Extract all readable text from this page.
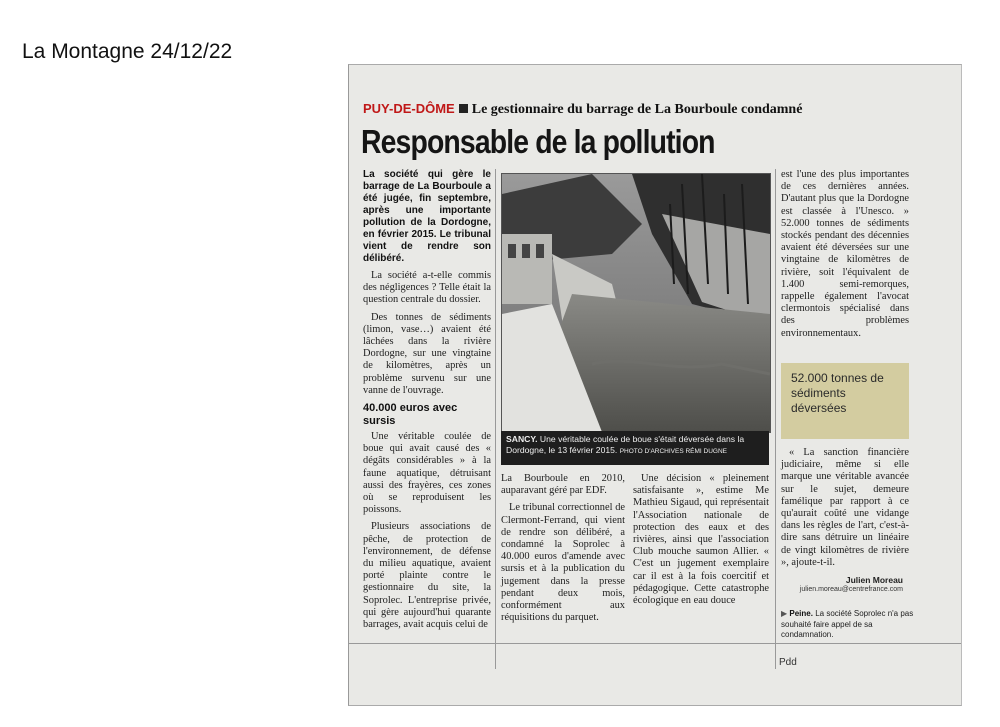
La Montagne 24/12/22
PUY-DE-DÔME Le gestionnaire du barrage de La Bourboule condamné
Responsable de la pollution

La société qui gère le barrage de La Bourboule a été jugée, fin septembre, après une importante pollution de la Dordogne, en février 2015. Le tribunal vient de rendre son délibéré.

La société a-t-elle commis des négligences ? Telle était la question centrale du dossier.

Des tonnes de sédiments (limon, vase…) avaient été lâchées dans la rivière Dordogne, sur une vingtaine de kilomètres, après un problème survenu sur une vanne de l'ouvrage.

40.000 euros avec sursis

Une véritable coulée de boue qui avait causé des « dégâts considérables » à la faune aquatique, détruisant aussi des frayères, ces zones où se reproduisent les poissons.

Plusieurs associations de pêche, de protection de l'environnement, de défense du milieu aquatique, avaient porté plainte contre le gestionnaire du site, la Soprolec. L'entreprise privée, qui gère aujourd'hui quarante barrages, avait acquis celui de

SANCY. Une véritable coulée de boue s'était déversée dans la Dordogne, le 13 février 2015. PHOTO D'ARCHIVES RÉMI DUGNE

La Bourboule en 2010, auparavant géré par EDF.

Le tribunal correctionnel de Clermont-Ferrand, qui vient de rendre son délibéré, a condamné la Soprolec à 40.000 euros d'amende avec sursis et à la publication du jugement dans la presse pendant deux mois, conformément aux réquisitions du parquet.

Une décision « pleinement satisfaisante », estime Me Mathieu Sigaud, qui représentait l'Association nationale de protection des eaux et des rivières, ainsi que l'association Club mouche saumon Allier. « C'est un jugement exemplaire car il est à la fois coercitif et pédagogique. Cette catastrophe écologique en eau douce

est l'une des plus importantes de ces dernières années. D'autant plus que la Dordogne est classée à l'Unesco. » 52.000 tonnes de sédiments stockés pendant des décennies avaient été déversées sur une vingtaine de kilomètres de rivière, soit l'équivalent de 1.400 semi-remorques, rappelle également l'avocat clermontois spécialisé dans des problèmes environnementaux.

52.000 tonnes de sédiments déversées

« La sanction financière judiciaire, même si elle marque une véritable avancée sur le sujet, demeure famélique par rapport à ce qu'aurait coûté une vidange dans les règles de l'art, c'est-à-dire sans détruire un linéaire de vingt kilomètres de rivière », ajoute-t-il.

Julien Moreau
julien.moreau@centrefrance.com
▶ Peine. La société Soprolec n'a pas souhaité faire appel de sa condamnation.
Pdd
